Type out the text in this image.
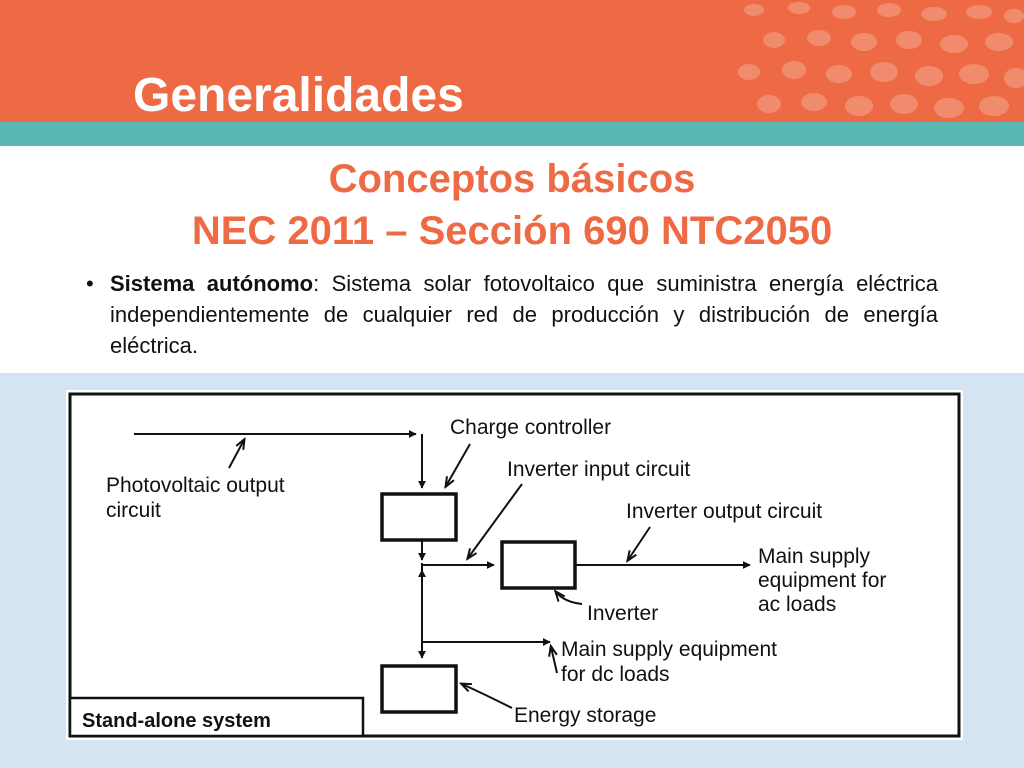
Generalidades
Conceptos básicos
NEC 2011 – Sección 690 NTC2050
• Sistema autónomo: Sistema solar fotovoltaico que suministra energía eléctrica independientemente de cualquier red de producción y distribución de energía eléctrica.
Stand-alone system
Charge controller
Photovoltaic output
circuit
Inverter input circuit
Inverter output circuit
Main supply
equipment for
ac loads
Inverter
Main supply equipment
for dc loads
Energy storage
